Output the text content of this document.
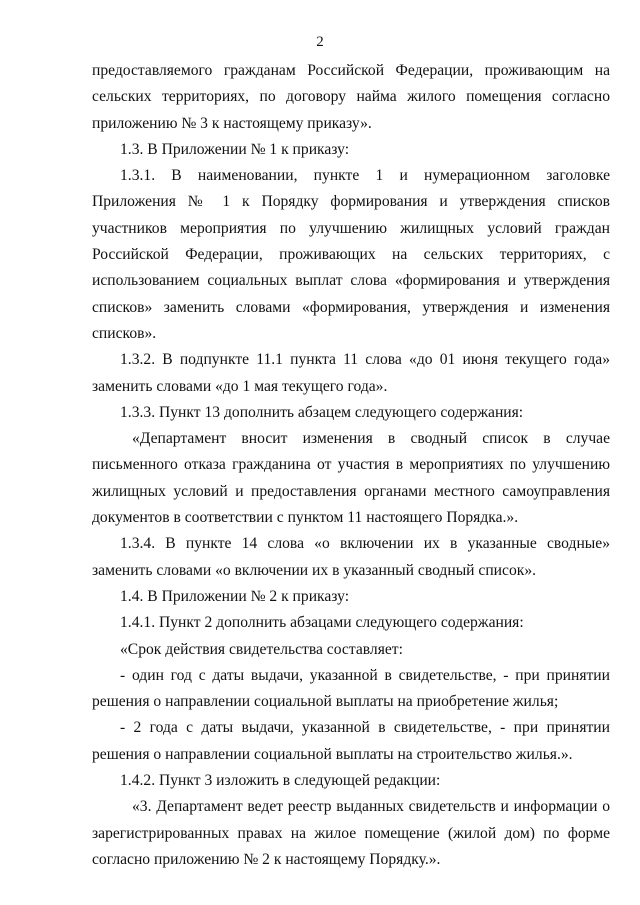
2

предоставляемого гражданам Российской Федерации, проживающим на сельских территориях, по договору найма жилого помещения согласно приложению № 3 к настоящему приказу».

1.3. В Приложении № 1 к приказу:

1.3.1. В наименовании, пункте 1 и нумерационном заголовке Приложения № 1 к Порядку формирования и утверждения списков участников мероприятия по улучшению жилищных условий граждан Российской Федерации, проживающих на сельских территориях, с использованием социальных выплат слова «формирования и утверждения списков» заменить словами «формирования, утверждения и изменения списков».

1.3.2. В подпункте 11.1 пункта 11 слова «до 01 июня текущего года» заменить словами «до 1 мая текущего года».

1.3.3. Пункт 13 дополнить абзацем следующего содержания:

«Департамент вносит изменения в сводный список в случае письменного отказа гражданина от участия в мероприятиях по улучшению жилищных условий и предоставления органами местного самоуправления документов в соответствии с пунктом 11 настоящего Порядка.».

1.3.4. В пункте 14 слова «о включении их в указанные сводные» заменить словами «о включении их в указанный сводный список».

1.4. В Приложении № 2 к приказу:

1.4.1. Пункт 2 дополнить абзацами следующего содержания:

«Срок действия свидетельства составляет:

- один год с даты выдачи, указанной в свидетельстве, - при принятии решения о направлении социальной выплаты на приобретение жилья;

- 2 года с даты выдачи, указанной в свидетельстве, - при принятии решения о направлении социальной выплаты на строительство жилья.».

1.4.2. Пункт 3 изложить в следующей редакции:

«3. Департамент ведет реестр выданных свидетельств и информации о зарегистрированных правах на жилое помещение (жилой дом) по форме согласно приложению № 2 к настоящему Порядку.».
